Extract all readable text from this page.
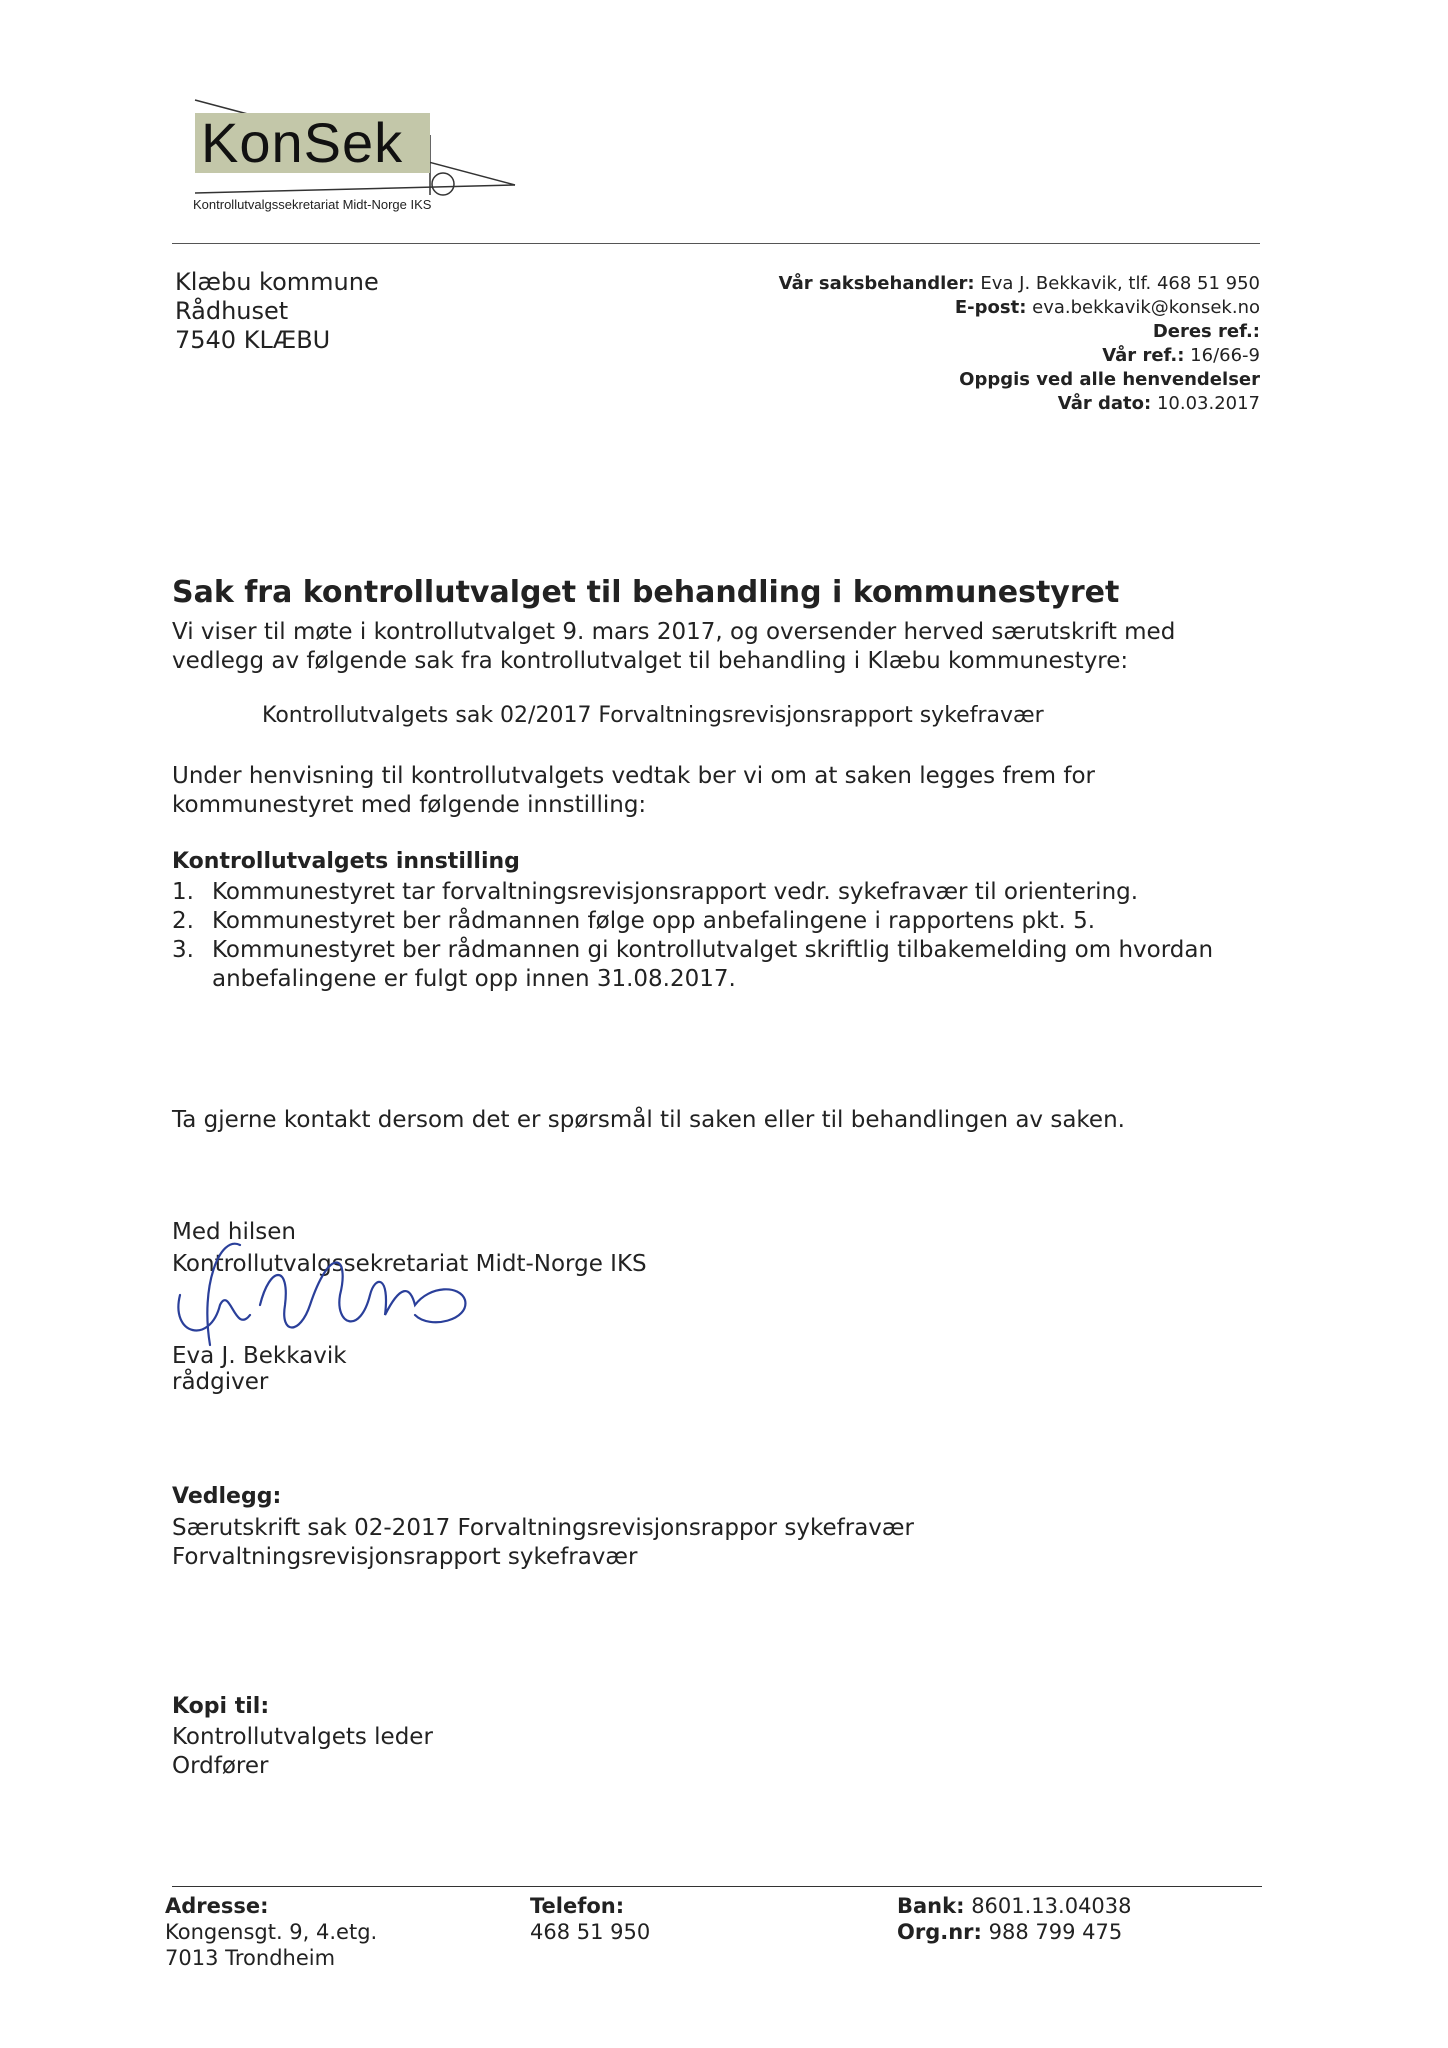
KonSek
Kontrollutvalgssekretariat Midt-Norge IKS
Klæbu kommune
Rådhuset
7540 KLÆBU
Vår saksbehandler: Eva J. Bekkavik, tlf. 468 51 950
E-post: eva.bekkavik@konsek.no
Deres ref.:
Vår ref.: 16/66-9
Oppgis ved alle henvendelser
Vår dato: 10.03.2017
Sak fra kontrollutvalget til behandling i kommunestyret
Vi viser til møte i kontrollutvalget 9. mars 2017, og oversender herved særutskrift med vedlegg av følgende sak fra kontrollutvalget til behandling i Klæbu kommunestyre:
Kontrollutvalgets sak 02/2017 Forvaltningsrevisjonsrapport sykefravær
Under henvisning til kontrollutvalgets vedtak ber vi om at saken legges frem for kommunestyret med følgende innstilling:
Kontrollutvalgets innstilling
1. Kommunestyret tar forvaltningsrevisjonsrapport vedr. sykefravær til orientering.
2. Kommunestyret ber rådmannen følge opp anbefalingene i rapportens pkt. 5.
3. Kommunestyret ber rådmannen gi kontrollutvalget skriftlig tilbakemelding om hvordan anbefalingene er fulgt opp innen 31.08.2017.
Ta gjerne kontakt dersom det er spørsmål til saken eller til behandlingen av saken.
Med hilsen
Kontrollutvalgssekretariat Midt-Norge IKS
Eva J. Bekkavik
rådgiver
Vedlegg:
Særutskrift sak 02-2017 Forvaltningsrevisjonsrappor sykefravær
Forvaltningsrevisjonsrapport sykefravær
Kopi til:
Kontrollutvalgets leder
Ordfører
Adresse:
Kongensgt. 9, 4.etg.
7013 Trondheim
Telefon:
468 51 950
Bank: 8601.13.04038
Org.nr: 988 799 475
